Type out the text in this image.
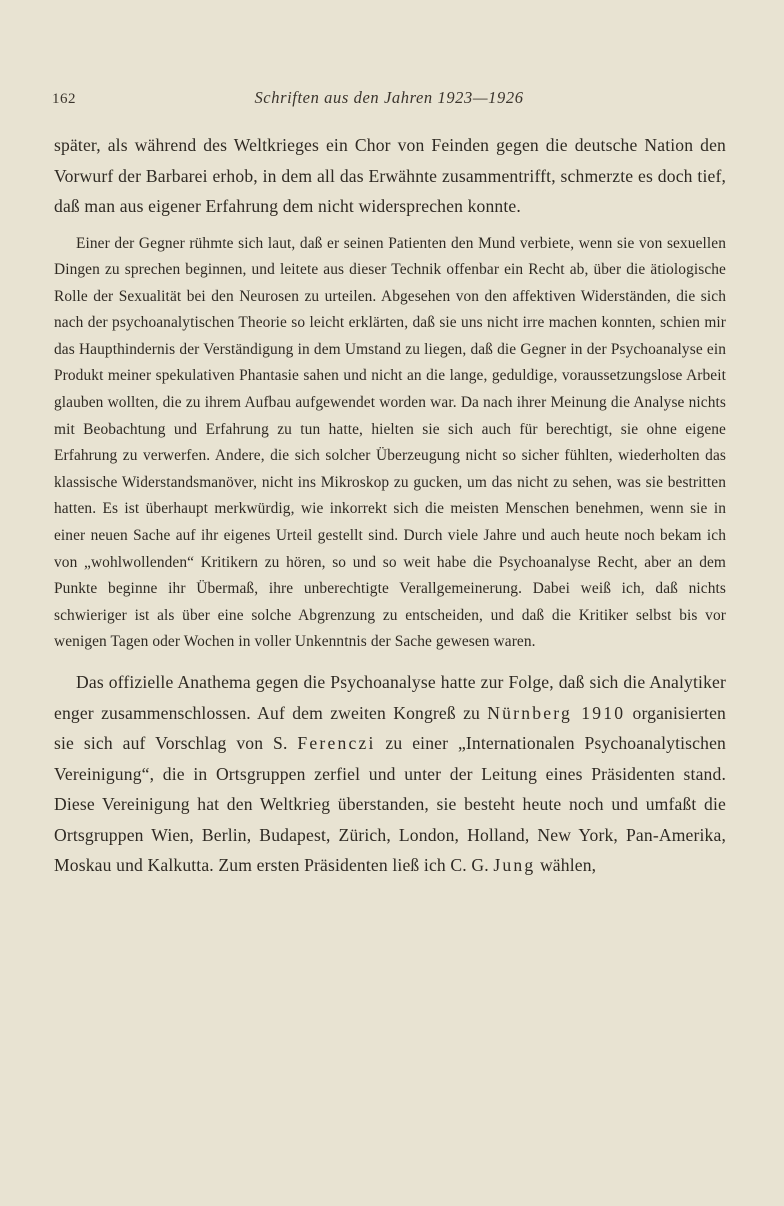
162	Schriften aus den Jahren 1923—1926

später, als während des Weltkrieges ein Chor von Feinden gegen die deutsche Nation den Vorwurf der Barbarei erhob, in dem all das Erwähnte zusammentrifft, schmerzte es doch tief, daß man aus eigener Erfahrung dem nicht widersprechen konnte.

Einer der Gegner rühmte sich laut, daß er seinen Patienten den Mund verbiete, wenn sie von sexuellen Dingen zu sprechen beginnen, und leitete aus dieser Technik offenbar ein Recht ab, über die ätiologische Rolle der Sexualität bei den Neurosen zu urteilen. Abgesehen von den affektiven Widerständen, die sich nach der psychoanalytischen Theorie so leicht erklärten, daß sie uns nicht irre machen konnten, schien mir das Haupthindernis der Verständigung in dem Umstand zu liegen, daß die Gegner in der Psychoanalyse ein Produkt meiner spekulativen Phantasie sahen und nicht an die lange, geduldige, voraussetzungslose Arbeit glauben wollten, die zu ihrem Aufbau aufgewendet worden war. Da nach ihrer Meinung die Analyse nichts mit Beobachtung und Erfahrung zu tun hatte, hielten sie sich auch für berechtigt, sie ohne eigene Erfahrung zu verwerfen. Andere, die sich solcher Überzeugung nicht so sicher fühlten, wiederholten das klassische Widerstandsmanöver, nicht ins Mikroskop zu gucken, um das nicht zu sehen, was sie bestritten hatten. Es ist überhaupt merkwürdig, wie inkorrekt sich die meisten Menschen benehmen, wenn sie in einer neuen Sache auf ihr eigenes Urteil gestellt sind. Durch viele Jahre und auch heute noch bekam ich von „wohlwollenden“ Kritikern zu hören, so und so weit habe die Psychoanalyse Recht, aber an dem Punkte beginne ihr Übermaß, ihre unberechtigte Verallgemeinerung. Dabei weiß ich, daß nichts schwieriger ist als über eine solche Abgrenzung zu entscheiden, und daß die Kritiker selbst bis vor wenigen Tagen oder Wochen in voller Unkenntnis der Sache gewesen waren.

Das offizielle Anathema gegen die Psychoanalyse hatte zur Folge, daß sich die Analytiker enger zusammenschlossen. Auf dem zweiten Kongreß zu Nürnberg 1910 organisierten sie sich auf Vorschlag von S. Ferenczi zu einer „Internationalen Psychoanalytischen Vereinigung“, die in Ortsgruppen zerfiel und unter der Leitung eines Präsidenten stand. Diese Vereinigung hat den Weltkrieg überstanden, sie besteht heute noch und umfaßt die Ortsgruppen Wien, Berlin, Budapest, Zürich, London, Holland, New York, Pan-Amerika, Moskau und Kalkutta. Zum ersten Präsidenten ließ ich C. G. Jung wählen,
